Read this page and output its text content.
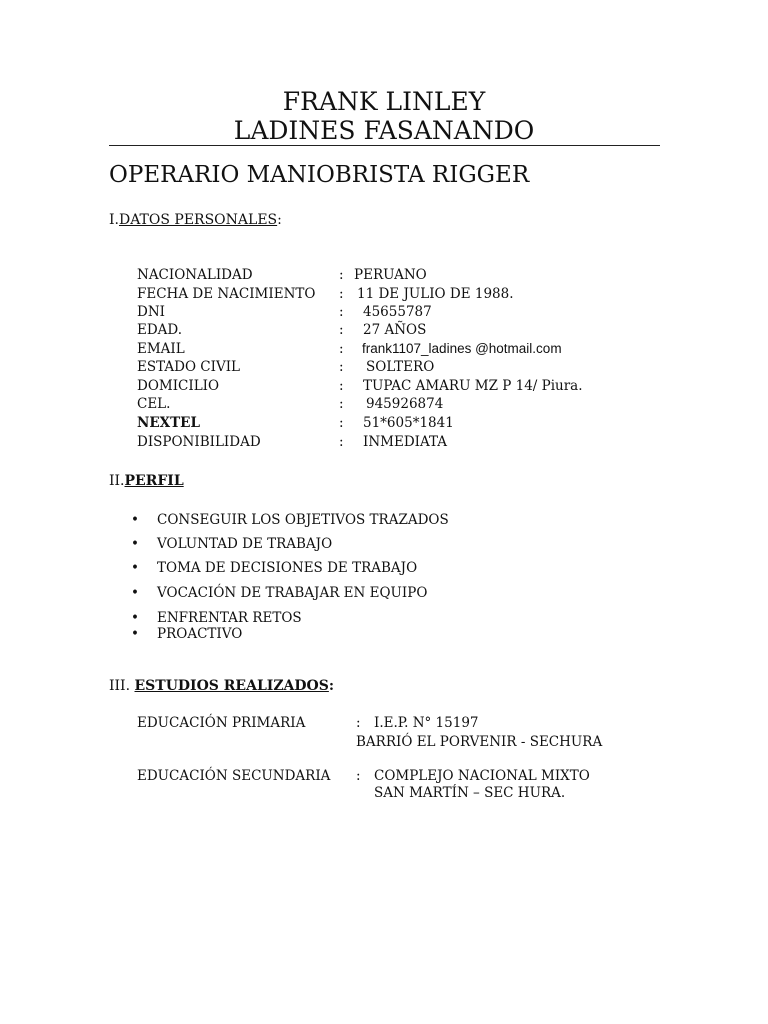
FRANK LINLEY
LADINES FASANANDO
OPERARIO MANIOBRISTA RIGGER
I.DATOS PERSONALES:
NACIONALIDAD	: PERUANO
FECHA DE NACIMIENTO : 11 DE JULIO DE 1988.
DNI	: 45655787
EDAD.	: 27 AÑOS
EMAIL	: frank1107_ladines @hotmail.com
ESTADO CIVIL	: SOLTERO
DOMICILIO	: TUPAC AMARU MZ P 14/ Piura.
CEL.	: 945926874
NEXTEL	: 51*605*1841
DISPONIBILIDAD	: INMEDIATA
II.PERFIL
• CONSEGUIR LOS OBJETIVOS TRAZADOS
• VOLUNTAD DE TRABAJO
• TOMA DE DECISIONES DE TRABAJO
• VOCACIÓN DE TRABAJAR EN EQUIPO
• ENFRENTAR RETOS
• PROACTIVO
III. ESTUDIOS REALIZADOS:
EDUCACIÓN PRIMARIA	: I.E.P. N° 15197
BARRIÓ EL PORVENIR - SECHURA
EDUCACIÓN SECUNDARIA : COMPLEJO NACIONAL MIXTO
SAN MARTÍN – SEC HURA.
